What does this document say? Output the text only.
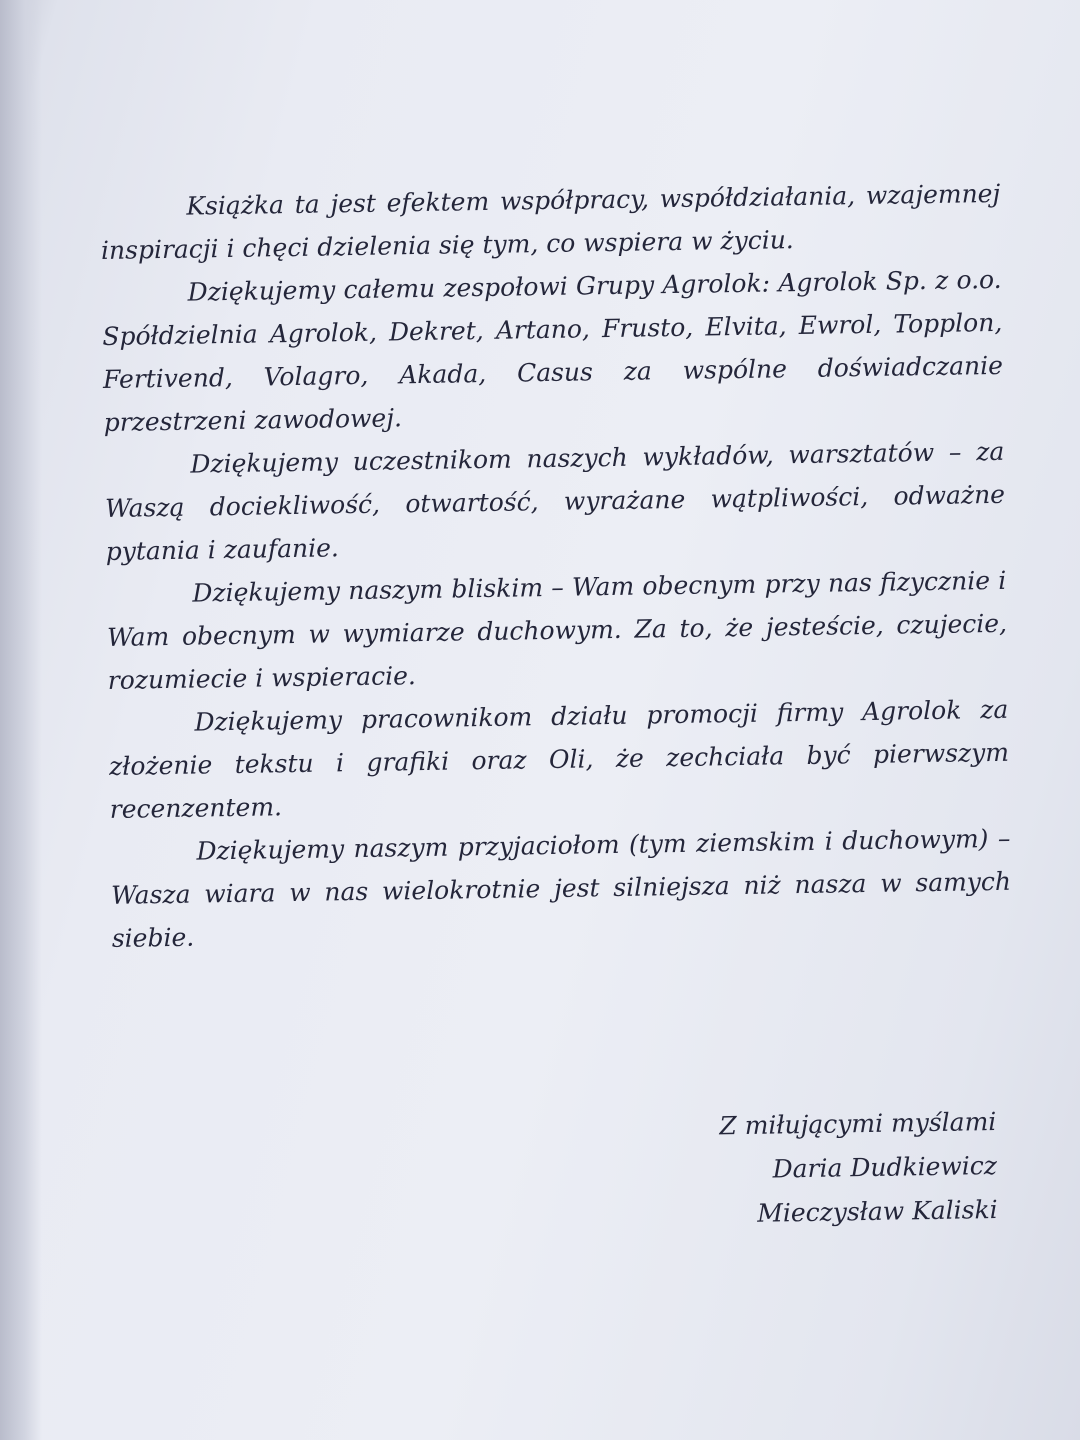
Książka ta jest efektem współpracy, współdziałania, wzajemnej inspiracji i chęci dzielenia się tym, co wspiera w życiu.

Dziękujemy całemu zespołowi Grupy Agrolok: Agrolok Sp. z o.o. Spółdzielnia Agrolok, Dekret, Artano, Frusto, Elvita, Ewrol, Topplon, Fertivend, Volagro, Akada, Casus za wspólne doświadczanie przestrzeni zawodowej.

Dziękujemy uczestnikom naszych wykładów, warsztatów – za Waszą dociekliwość, otwartość, wyrażane wątpliwości, odważne pytania i zaufanie.

Dziękujemy naszym bliskim – Wam obecnym przy nas fizycznie i Wam obecnym w wymiarze duchowym. Za to, że jesteście, czujecie, rozumiecie i wspieracie.

Dziękujemy pracownikom działu promocji firmy Agrolok za złożenie tekstu i grafiki oraz Oli, że zechciała być pierwszym recenzentem.

Dziękujemy naszym przyjaciołom (tym ziemskim i duchowym) – Wasza wiara w nas wielokrotnie jest silniejsza niż nasza w samych siebie.

Z miłującymi myślami
Daria Dudkiewicz
Mieczysław Kaliski
